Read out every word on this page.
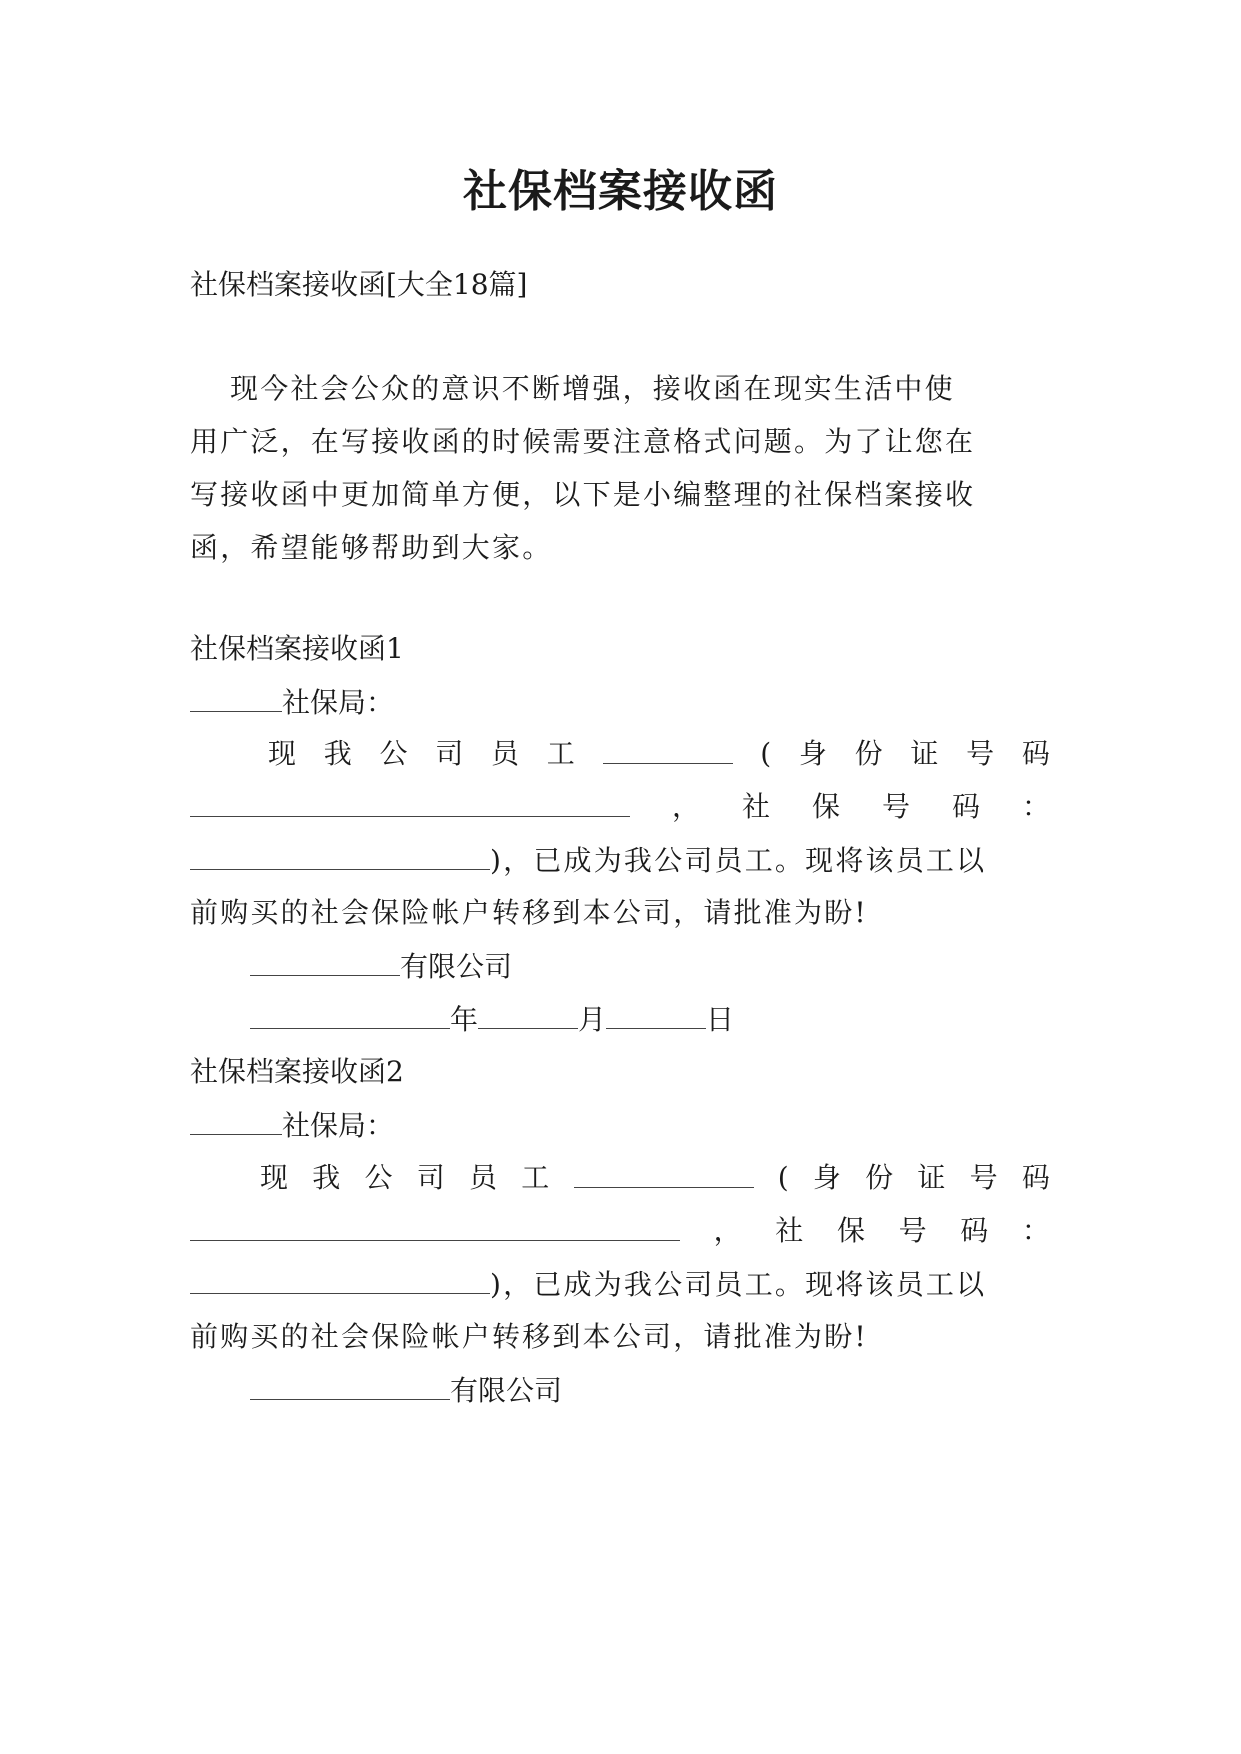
社保档案接收函
社保档案接收函[大全18篇]
现今社会公众的意识不断增强，接收函在现实生活中使
用广泛，在写接收函的时候需要注意格式问题。为了让您在
写接收函中更加简单方便，以下是小编整理的社保档案接收
函，希望能够帮助到大家。
社保档案接收函1
社保局：
现 我 公 司 员 工	( 身 份 证 号 码
， 社 保 号 码 ：
)，已成为我公司员工。现将该员工以
前购买的社会保险帐户转移到本公司，请批准为盼!
有限公司
年	月	日
社保档案接收函2
社保局：
现 我 公 司 员 工	( 身 份 证 号 码
， 社 保 号 码 ：
)，已成为我公司员工。现将该员工以
前购买的社会保险帐户转移到本公司，请批准为盼!
有限公司
